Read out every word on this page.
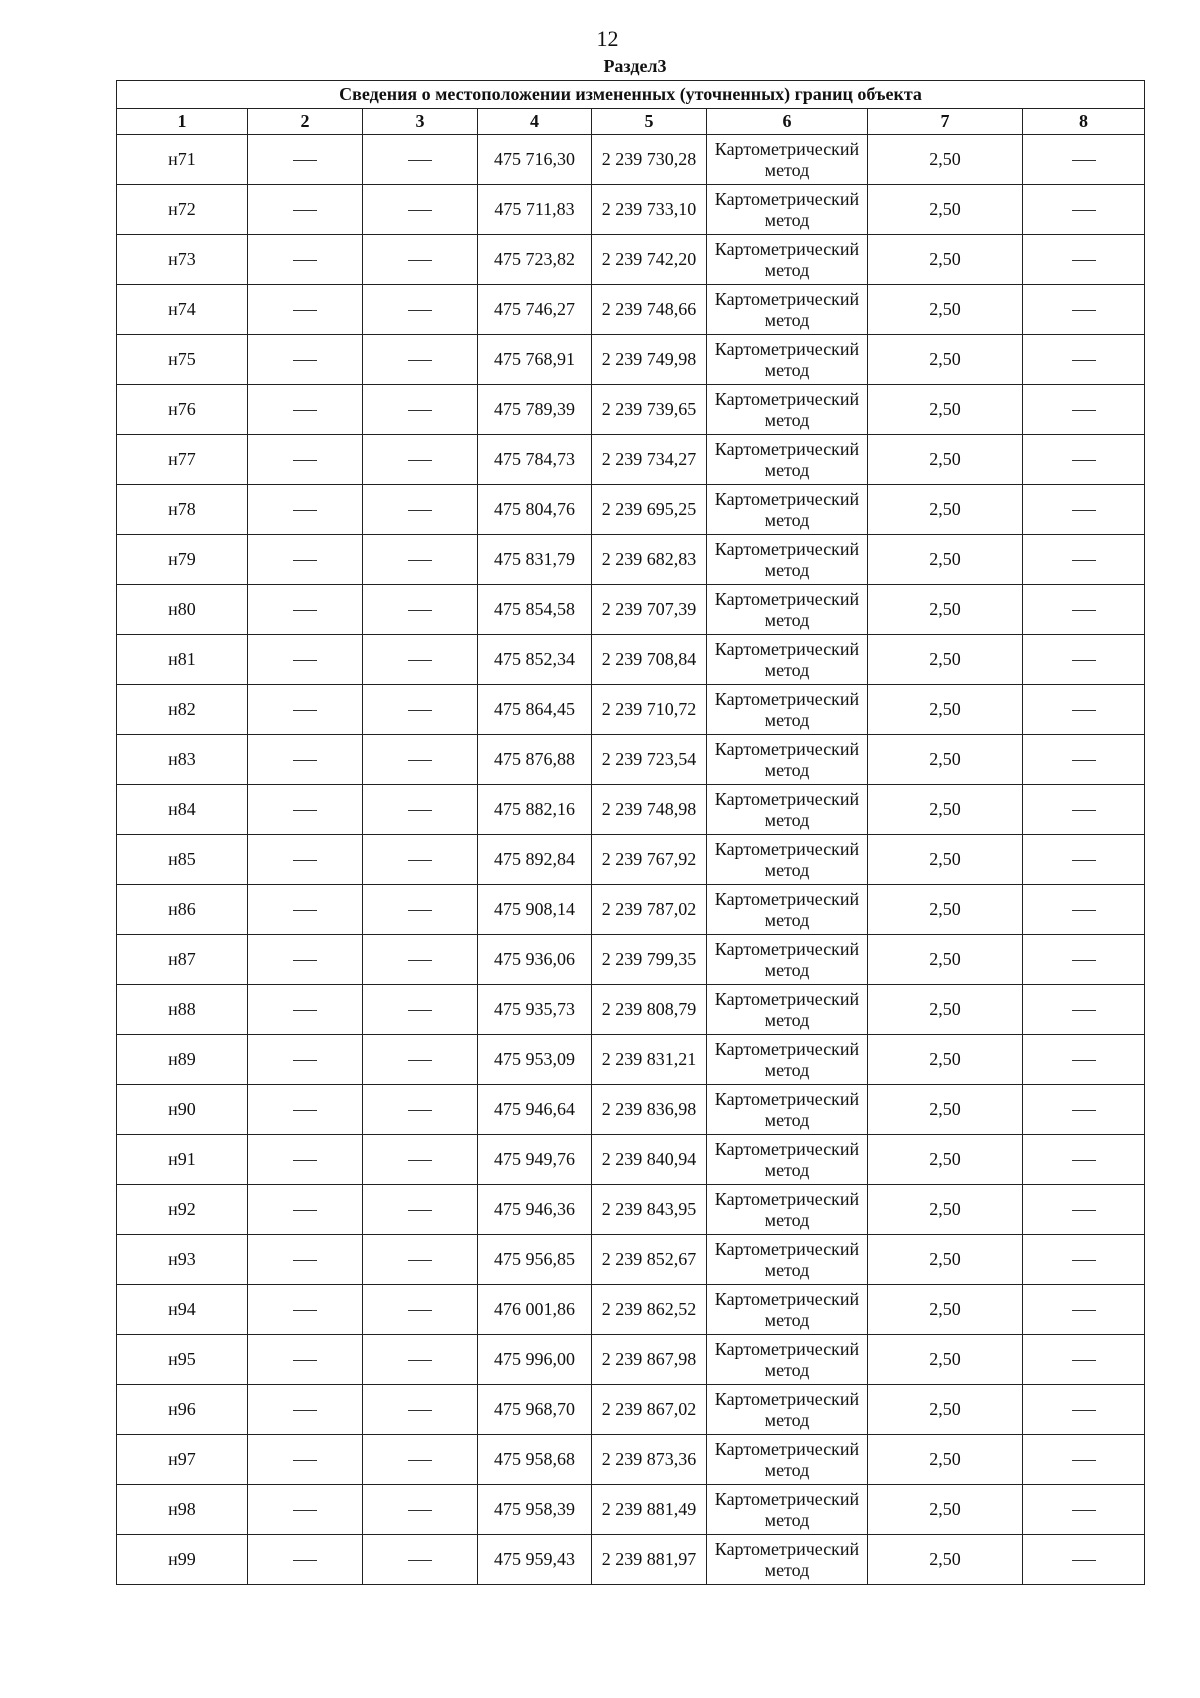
12
Раздел3
Сведения о местоположении измененных (уточненных) границ объекта							
1	2	3	4	5	6	7	8
н71			475 716,30	2 239 730,28	Картометрический метод	2,50	
н72			475 711,83	2 239 733,10	Картометрический метод	2,50	
н73			475 723,82	2 239 742,20	Картометрический метод	2,50	
н74			475 746,27	2 239 748,66	Картометрический метод	2,50	
н75			475 768,91	2 239 749,98	Картометрический метод	2,50	
н76			475 789,39	2 239 739,65	Картометрический метод	2,50	
н77			475 784,73	2 239 734,27	Картометрический метод	2,50	
н78			475 804,76	2 239 695,25	Картометрический метод	2,50	
н79			475 831,79	2 239 682,83	Картометрический метод	2,50	
н80			475 854,58	2 239 707,39	Картометрический метод	2,50	
н81			475 852,34	2 239 708,84	Картометрический метод	2,50	
н82			475 864,45	2 239 710,72	Картометрический метод	2,50	
н83			475 876,88	2 239 723,54	Картометрический метод	2,50	
н84			475 882,16	2 239 748,98	Картометрический метод	2,50	
н85			475 892,84	2 239 767,92	Картометрический метод	2,50	
н86			475 908,14	2 239 787,02	Картометрический метод	2,50	
н87			475 936,06	2 239 799,35	Картометрический метод	2,50	
н88			475 935,73	2 239 808,79	Картометрический метод	2,50	
н89			475 953,09	2 239 831,21	Картометрический метод	2,50	
н90			475 946,64	2 239 836,98	Картометрический метод	2,50	
н91			475 949,76	2 239 840,94	Картометрический метод	2,50	
н92			475 946,36	2 239 843,95	Картометрический метод	2,50	
н93			475 956,85	2 239 852,67	Картометрический метод	2,50	
н94			476 001,86	2 239 862,52	Картометрический метод	2,50	
н95			475 996,00	2 239 867,98	Картометрический метод	2,50	
н96			475 968,70	2 239 867,02	Картометрический метод	2,50	
н97			475 958,68	2 239 873,36	Картометрический метод	2,50	
н98			475 958,39	2 239 881,49	Картометрический метод	2,50	
н99			475 959,43	2 239 881,97	Картометрический метод	2,50	
